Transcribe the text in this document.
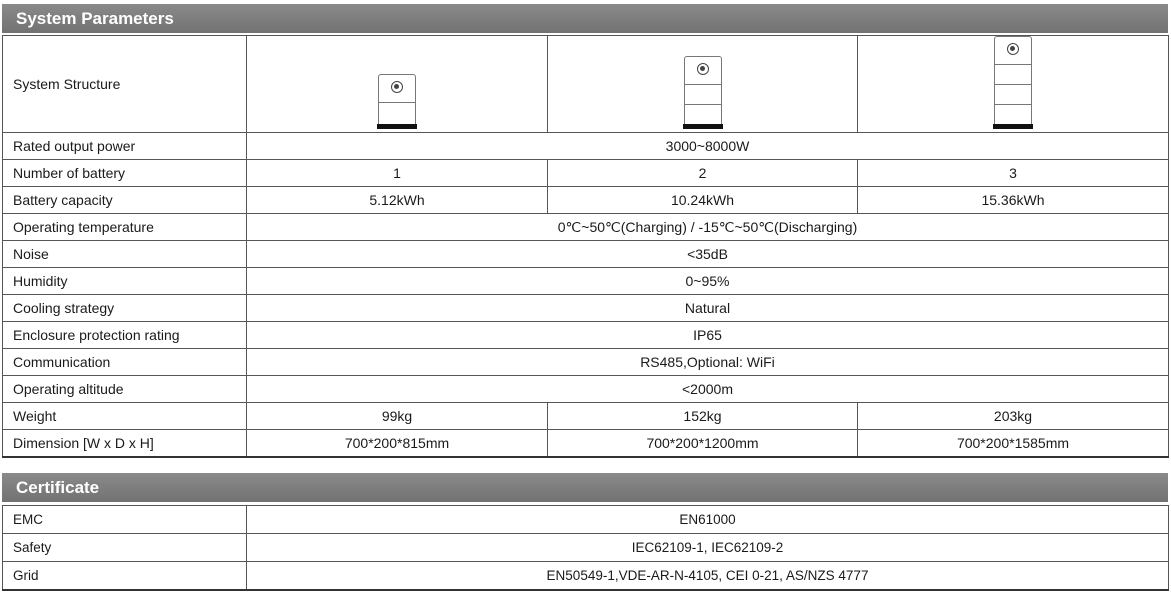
System Parameters
System Structure	

Rated output power	3000~8000W		
Number of battery	1	2	3
Battery capacity	5.12kWh	10.24kWh	15.36kWh
Operating temperature	0℃~50℃(Charging) / -15℃~50℃(Discharging)		
Noise	<35dB		
Humidity	0~95%		
Cooling strategy	Natural		
Enclosure protection rating	IP65		
Communication	RS485,Optional: WiFi		
Operating altitude	<2000m		
Weight	99kg	152kg	203kg
Dimension [W x D x H]	700*200*815mm	700*200*1200mm	700*200*1585mm
Certificate
EMC	EN61000
Safety	IEC62109-1, IEC62109-2
Grid	EN50549-1,VDE-AR-N-4105, CEI 0-21, AS/NZS 4777
